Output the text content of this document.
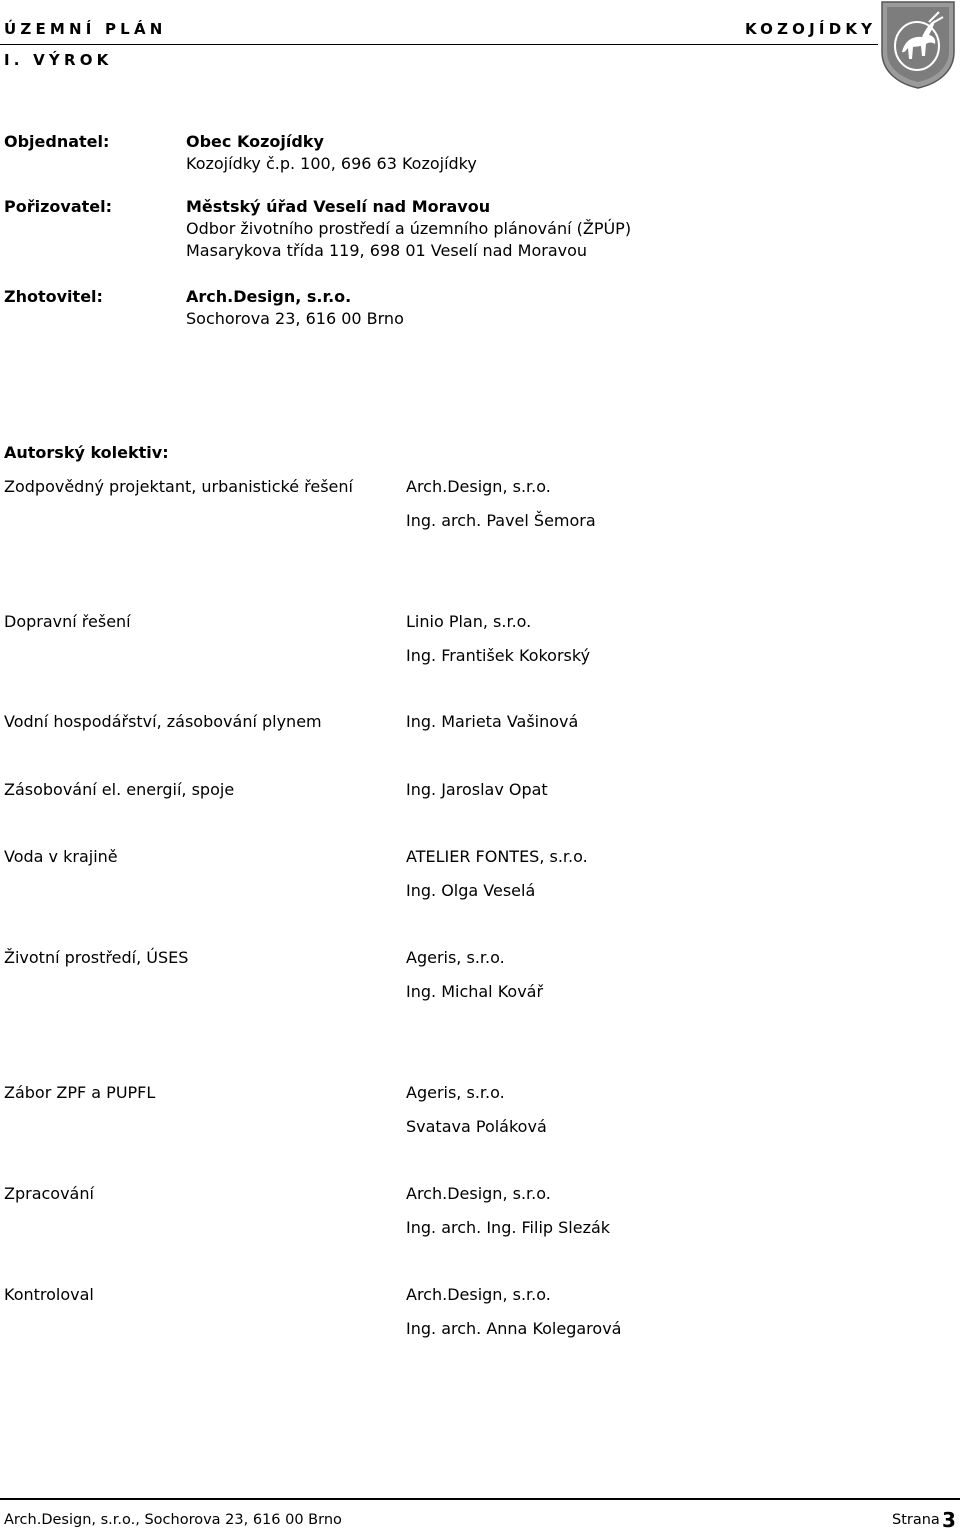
ÚZEMNÍ PLÁN	KOZOJÍDKY
I. VÝROK
Objednatel:	Obec Kozojídky
Kozojídky č.p. 100, 696 63 Kozojídky
Pořizovatel:	Městský úřad Veselí nad Moravou
Odbor životního prostředí a územního plánování (ŽPÚP)
Masarykova třída 119, 698 01 Veselí nad Moravou
Zhotovitel:	Arch.Design, s.r.o.
Sochorova 23, 616 00 Brno
Autorský kolektiv:
Zodpovědný projektant, urbanistické řešení	Arch.Design, s.r.o.
Ing. arch. Pavel Šemora
Dopravní řešení	Linio Plan, s.r.o.
Ing. František Kokorský
Vodní hospodářství, zásobování plynem	Ing. Marieta Vašinová
Zásobování el. energií, spoje	Ing. Jaroslav Opat
Voda v krajině	ATELIER FONTES, s.r.o.
Ing. Olga Veselá
Životní prostředí, ÚSES	Ageris, s.r.o.
Ing. Michal Kovář
Zábor ZPF a PUPFL	Ageris, s.r.o.
Svatava Poláková
Zpracování	Arch.Design, s.r.o.
Ing. arch. Ing. Filip Slezák
Kontroloval	Arch.Design, s.r.o.
Ing. arch. Anna Kolegarová
Arch.Design, s.r.o., Sochorova 23, 616 00 Brno	Strana 3
